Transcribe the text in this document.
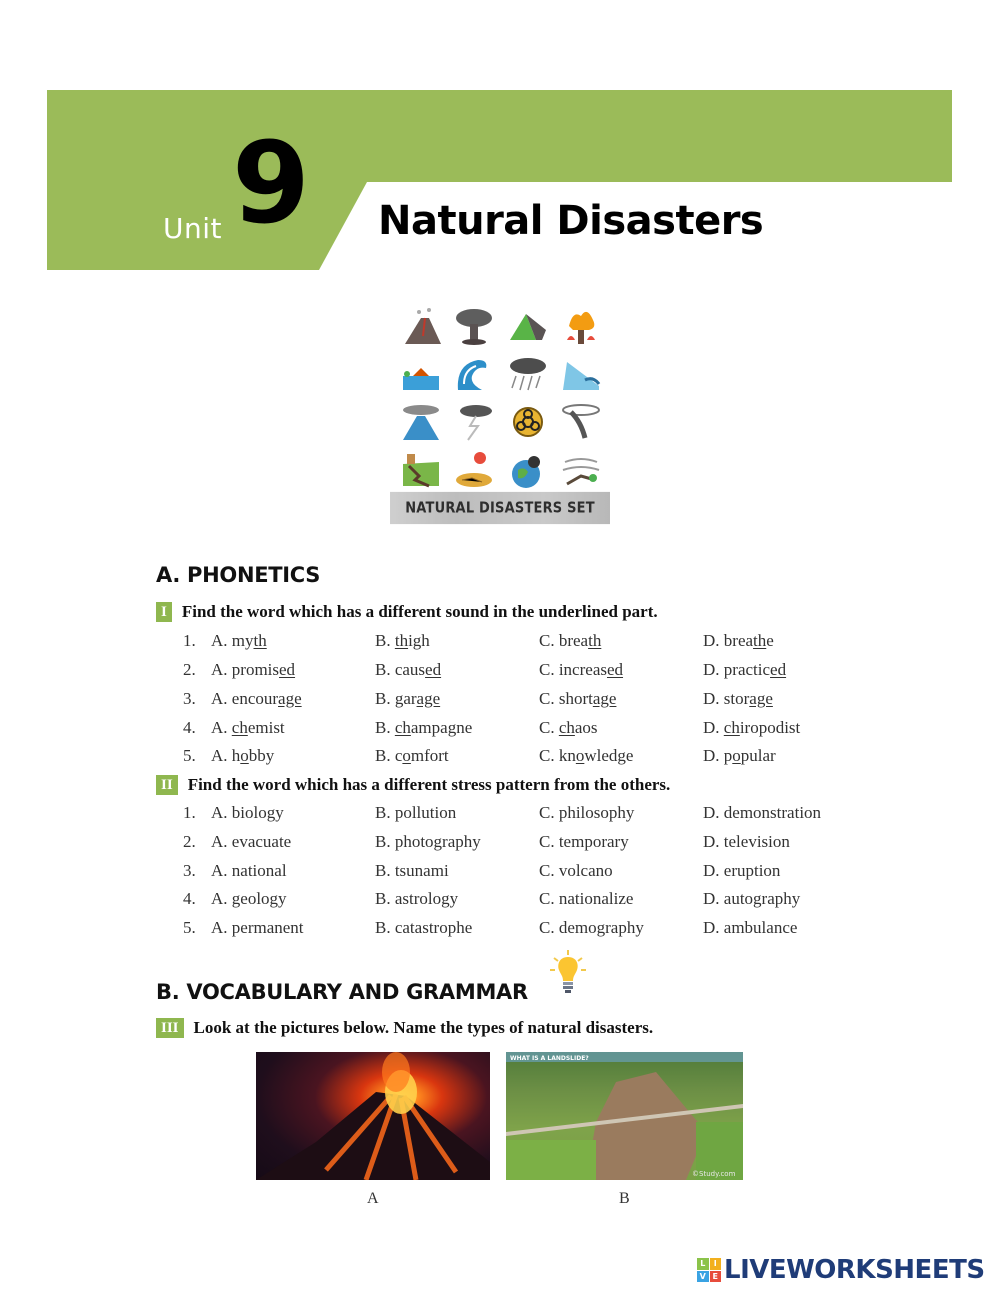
Unit 9 Natural Disasters
NATURAL DISASTERS SET
A. PHONETICS
I Find the word which has a different sound in the underlined part.
1. A. myth	B. thigh	C. breath	D. breathe
2. A. promised	B. caused	C. increased	D. practiced
3. A. encourage	B. garage	C. shortage	D. storage
4. A. chemist	B. champagne	C. chaos	D. chiropodist
5. A. hobby	B. comfort	C. knowledge	D. popular
II Find the word which has a different stress pattern from the others.
1. A. biology	B. pollution	C. philosophy	D. demonstration
2. A. evacuate	B. photography	C. temporary	D. television
3. A. national	B. tsunami	C. volcano	D. eruption
4. A. geology	B. astrology	C. nationalize	D. autography
5. A. permanent	B. catastrophe	C. demography	D. ambulance
B. VOCABULARY AND GRAMMAR
III Look at the pictures below. Name the types of natural disasters.
WHAT IS A LANDSLIDE?
©Study.com
A	B
L	I
V E LIVEWORKSHEETS
